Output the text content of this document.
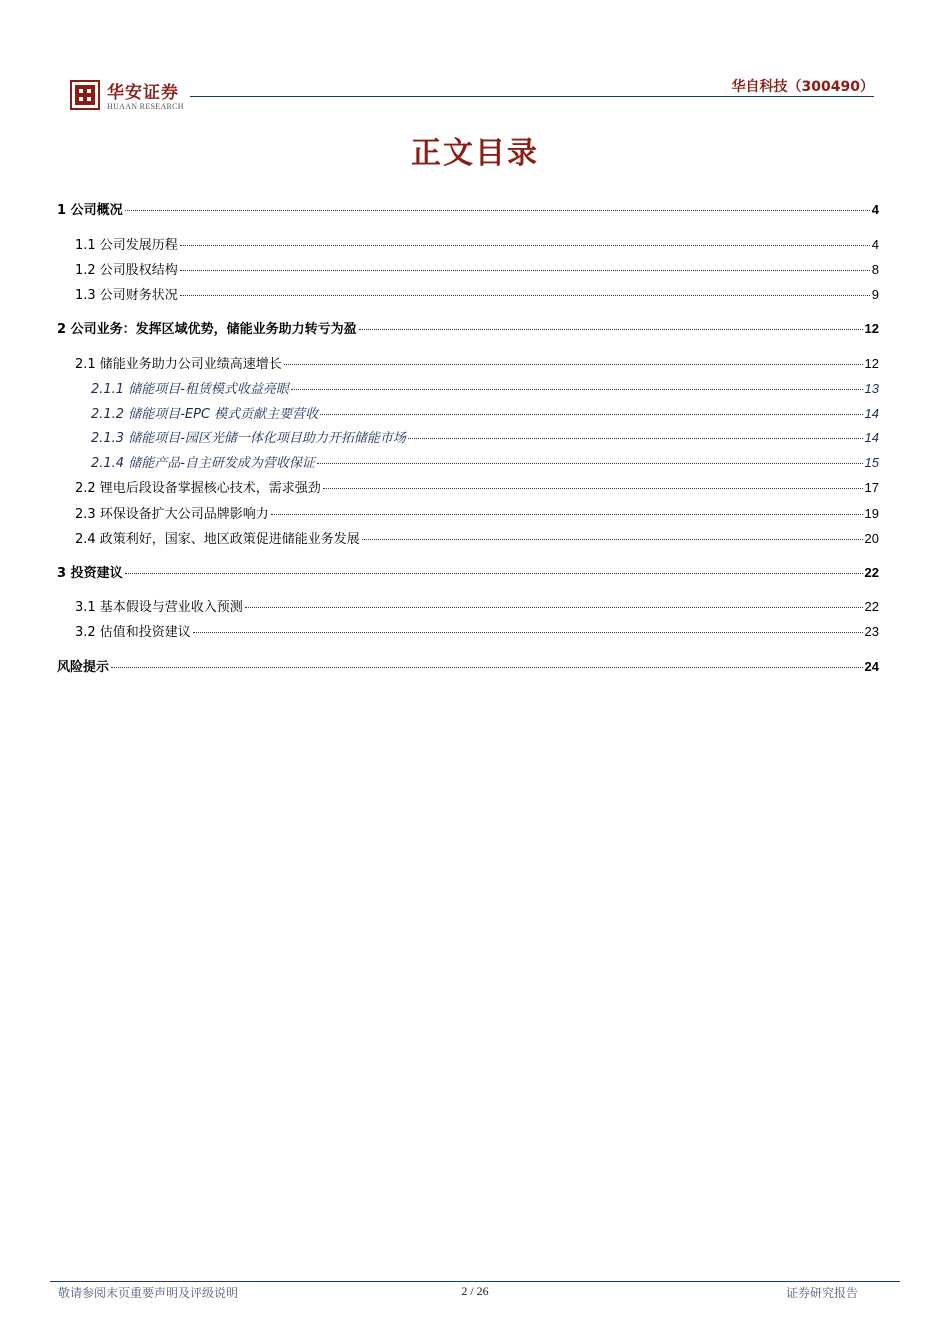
华安证券
HUAAN RESEARCH
华自科技（300490）
正文目录
1 公司概况	4
1.1 公司发展历程	4
1.2 公司股权结构	8
1.3 公司财务状况	9
2 公司业务：发挥区域优势，储能业务助力转亏为盈	12
2.1 储能业务助力公司业绩高速增长	12
2.1.1 储能项目-租赁模式收益亮眼	13
2.1.2 储能项目-EPC 模式贡献主要营收	14
2.1.3 储能项目-园区光储一体化项目助力开拓储能市场	14
2.1.4 储能产品-自主研发成为营收保证	15
2.2 锂电后段设备掌握核心技术，需求强劲	17
2.3 环保设备扩大公司品牌影响力	19
2.4 政策利好，国家、地区政策促进储能业务发展	20
3 投资建议	22
3.1 基本假设与营业收入预测	22
3.2 估值和投资建议	23
风险提示	24
敬请参阅末页重要声明及评级说明	2 / 26	证券研究报告
